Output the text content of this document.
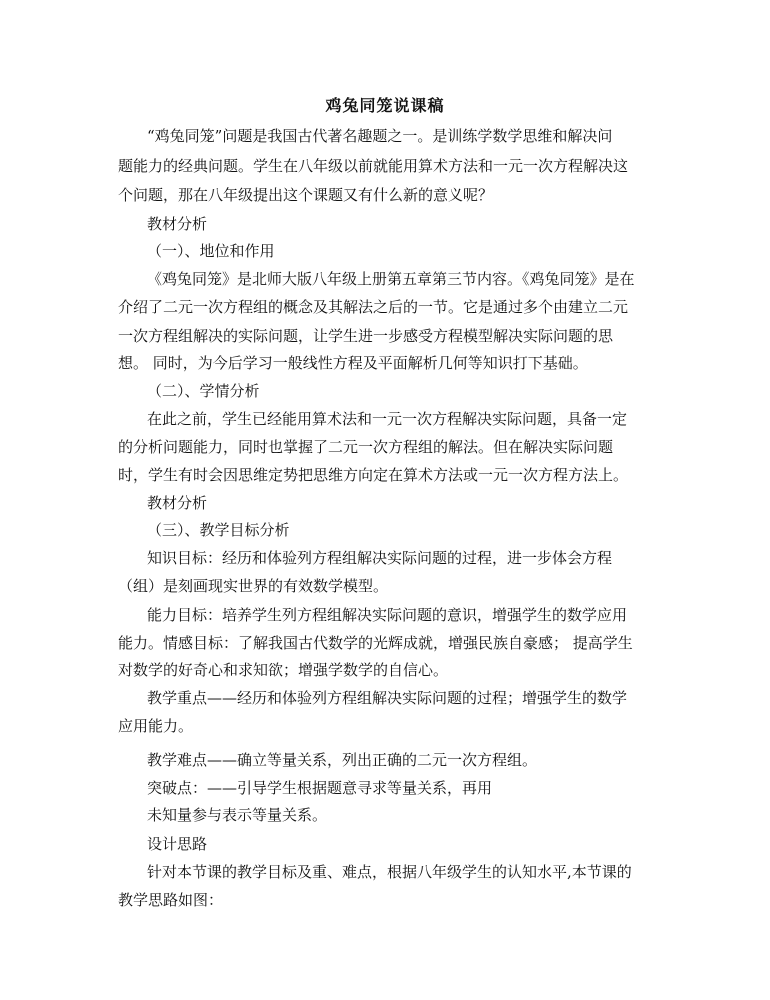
鸡兔同笼说课稿
“鸡兔同笼”问题是我国古代著名趣题之一。是训练学数学思维和解决问
题能力的经典问题。学生在八年级以前就能用算术方法和一元一次方程解决这
个问题，那在八年级提出这个课题又有什么新的意义呢？
教材分析
（一）、地位和作用
《鸡兔同笼》是北师大版八年级上册第五章第三节内容。《鸡兔同笼》是在
介绍了二元一次方程组的概念及其解法之后的一节。它是通过多个由建立二元
一次方程组解决的实际问题，让学生进一步感受方程模型解决实际问题的思
想。 同时，为今后学习一般线性方程及平面解析几何等知识打下基础。
（二）、学情分析
在此之前，学生已经能用算术法和一元一次方程解决实际问题，具备一定
的分析问题能力，同时也掌握了二元一次方程组的解法。但在解决实际问题
时，学生有时会因思维定势把思维方向定在算术方法或一元一次方程方法上。
教材分析
（三）、教学目标分析
知识目标：经历和体验列方程组解决实际问题的过程，进一步体会方程
（组）是刻画现实世界的有效数学模型。
能力目标：培养学生列方程组解决实际问题的意识，增强学生的数学应用
能力。情感目标：了解我国古代数学的光辉成就，增强民族自豪感； 提高学生
对数学的好奇心和求知欲；增强学数学的自信心。
教学重点——经历和体验列方程组解决实际问题的过程；增强学生的数学
应用能力。
教学难点——确立等量关系，列出正确的二元一次方程组。
突破点：——引导学生根据题意寻求等量关系，再用
未知量参与表示等量关系。
设计思路
针对本节课的教学目标及重、难点，根据八年级学生的认知水平,本节课的
教学思路如图：
